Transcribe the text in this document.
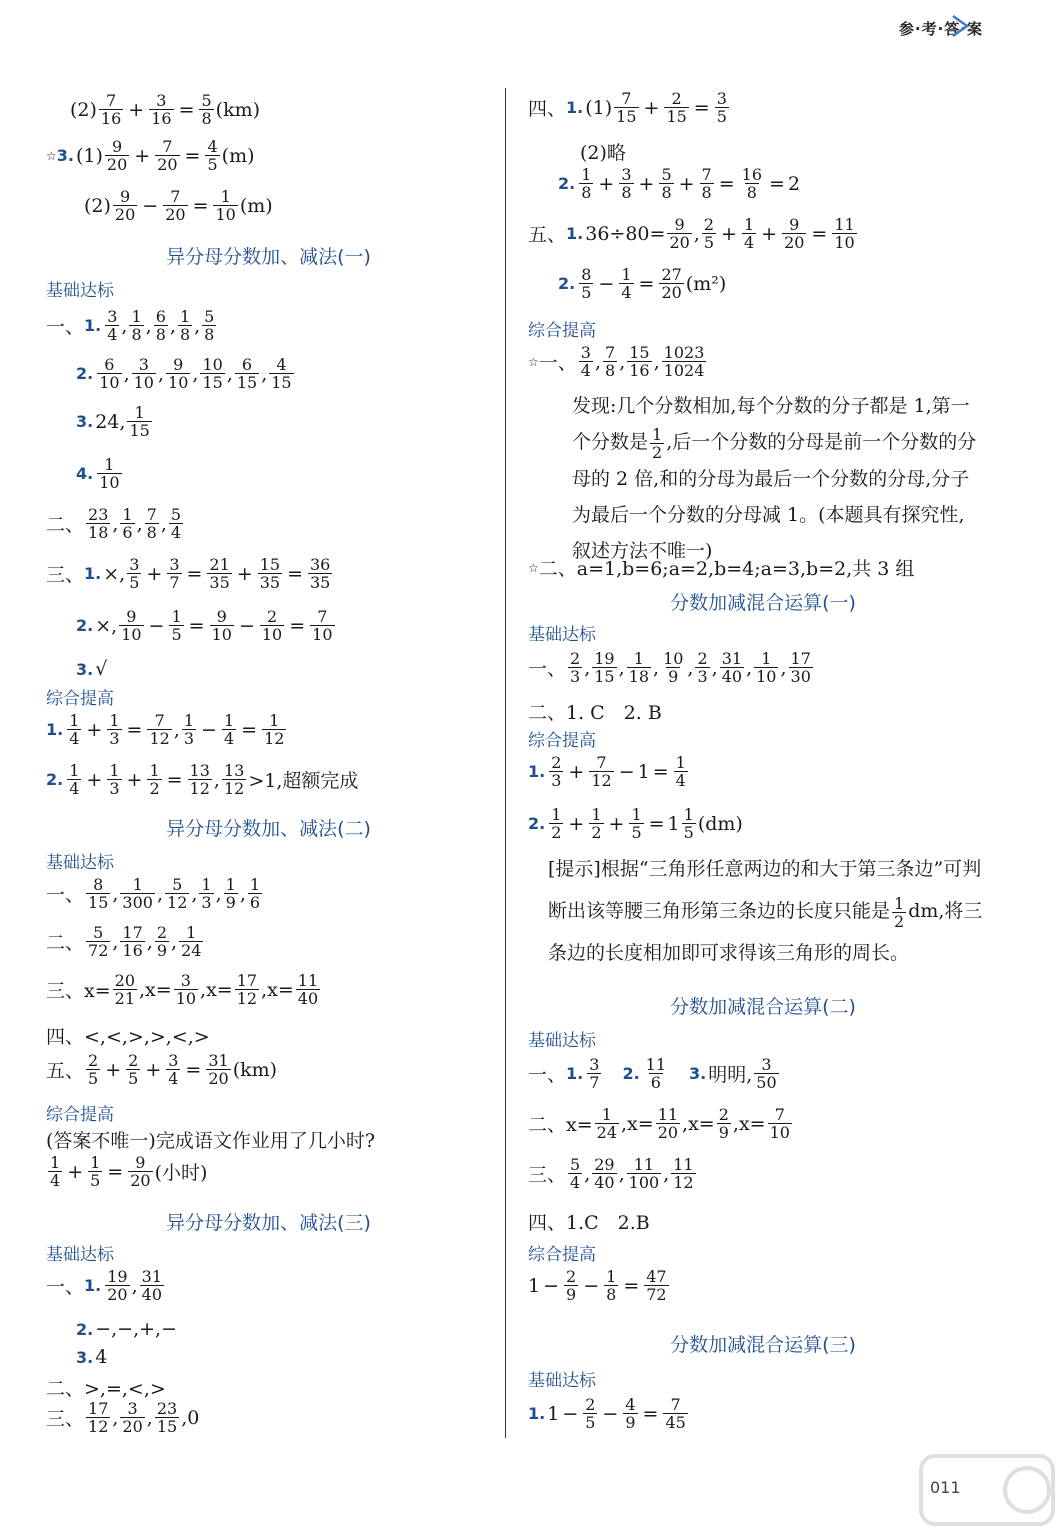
参·考·答·案
$(2) \frac{7}{16} + \frac{3}{16} = \frac{5}{8} (km)$
☆ 3. $(1) \frac{9}{20} + \frac{7}{20} = \frac{4}{5} (m)$
$(2) \frac{9}{20} - \frac{7}{20} = \frac{1}{10} (m)$
异分母分数加、减法(一)
基础达标
一、 1. $\frac{3}{4}$ , $\frac{1}{8}$ , $\frac{6}{8}$ , $\frac{1}{8}$ , $\frac{5}{8}$
2. $\frac{6}{10}$ , $\frac{3}{10}$ , $\frac{9}{10}$ , $\frac{10}{15}$ , $\frac{6}{15}$ , $\frac{4}{15}$
3. 24, $\frac{1}{15}$
4. $\frac{1}{10}$
二、 $\frac{23}{18}$ , $\frac{1}{6}$ , $\frac{7}{8}$ , $\frac{5}{4}$
三、 1. ×, $\frac{3}{5} + \frac{3}{7} = \frac{21}{35} + \frac{15}{35} = \frac{36}{35}$
2. ×, $\frac{9}{10} - \frac{1}{5} = \frac{9}{10} - \frac{2}{10} = \frac{7}{10}$
3. √
综合提高
1. $\frac{1}{4} + \frac{1}{3} = \frac{7}{12}$ , $\frac{1}{3} - \frac{1}{4} = \frac{1}{12}$
2. $\frac{1}{4} + \frac{1}{3} + \frac{1}{2} = \frac{13}{12}$ , $\frac{13}{12} >1$,超额完成
异分母分数加、减法(二)
基础达标
一、 $\frac{8}{15}$ , $\frac{1}{300}$ , $\frac{5}{12}$ , $\frac{1}{3}$ , $\frac{1}{9}$ , $\frac{1}{6}$
二、 $\frac{5}{72}$ , $\frac{17}{16}$ , $\frac{2}{9}$ , $\frac{1}{24}$
三、$x= \frac{20}{21} ,x= \frac{3}{10} ,x= \frac{17}{12} ,x= \frac{11}{40}$
四、<,<,>,>,<,>
五、 $\frac{2}{5} + \frac{2}{5} + \frac{3}{4} = \frac{31}{20} (km)$
综合提高
(答案不唯一)完成语文作业用了几小时?
$\frac{1}{4} + \frac{1}{5} = \frac{9}{20}$ (小时)
异分母分数加、减法(三)
基础达标
一、 1. $\frac{19}{20}$ , $\frac{31}{40}$
2. −,−,+,−
3. 4
二、>,=,<,>
三、 $\frac{17}{12}$ , $\frac{3}{20}$ , $\frac{23}{15} ,0$
四、 1. $(1) \frac{7}{15} + \frac{2}{15} = \frac{3}{5}$
(2)略
2. $\frac{1}{8} + \frac{3}{8} + \frac{5}{8} + \frac{7}{8} = \frac{16}{8} = 2$
五、 1. $36\div 80= \frac{9}{20}$ , $\frac{2}{5} + \frac{1}{4} + \frac{9}{20} = \frac{11}{10}$
2. $\frac{8}{5} - \frac{1}{4} = \frac{27}{20} (m^2)$
综合提高
☆ 一、 $\frac{3}{4}$ , $\frac{7}{8}$ , $\frac{15}{16}$ , $\frac{1023}{1024}$
发现:几个分数相加,每个分数的分子都是 1,第一个分数是 $\frac{1}{2}$ ,后一个分数的分母是前一个分数的分母的 2 倍,和的分母为最后一个分数的分母,分子为最后一个分数的分母减 1。(本题具有探究性,叙述方法不唯一)
☆ 二、a=1,b=6;a=2,b=4;a=3,b=2,共 3 组
分数加减混合运算(一)
基础达标
一、 $\frac{2}{3}$ , $\frac{19}{15}$ , $\frac{1}{18}$ , $\frac{10}{9}$ , $\frac{2}{3}$ , $\frac{31}{40}$ , $\frac{1}{10}$ , $\frac{17}{30}$
二、1. C　2. B
综合提高
1. $\frac{2}{3} + \frac{7}{12} - 1 = \frac{1}{4}$
2. $\frac{1}{2} + \frac{1}{2} + \frac{1}{5} = 1 \frac{1}{5} (dm)$
[提示]根据“三角形任意两边的和大于第三条边”可判断出该等腰三角形第三条边的长度只能是 $\frac{1}{2}$ dm,将三条边的长度相加即可求得该三角形的周长。
分数加减混合运算(二)
基础达标
一、 1. $\frac{3}{7}$
　 2. $\frac{11}{6}$
　 3. 明明, $\frac{3}{50}$
二、$x= \frac{1}{24} ,x= \frac{11}{20} ,x= \frac{2}{9} ,x= \frac{7}{10}$
三、 $\frac{5}{4}$ , $\frac{29}{40}$ , $\frac{11}{100}$ , $\frac{11}{12}$
四、1.C　2.B
综合提高
$1 - \frac{2}{9} - \frac{1}{8} = \frac{47}{72}$
分数加减混合运算(三)
基础达标
1. $1 - \frac{2}{5} - \frac{4}{9} = \frac{7}{45}$
011
